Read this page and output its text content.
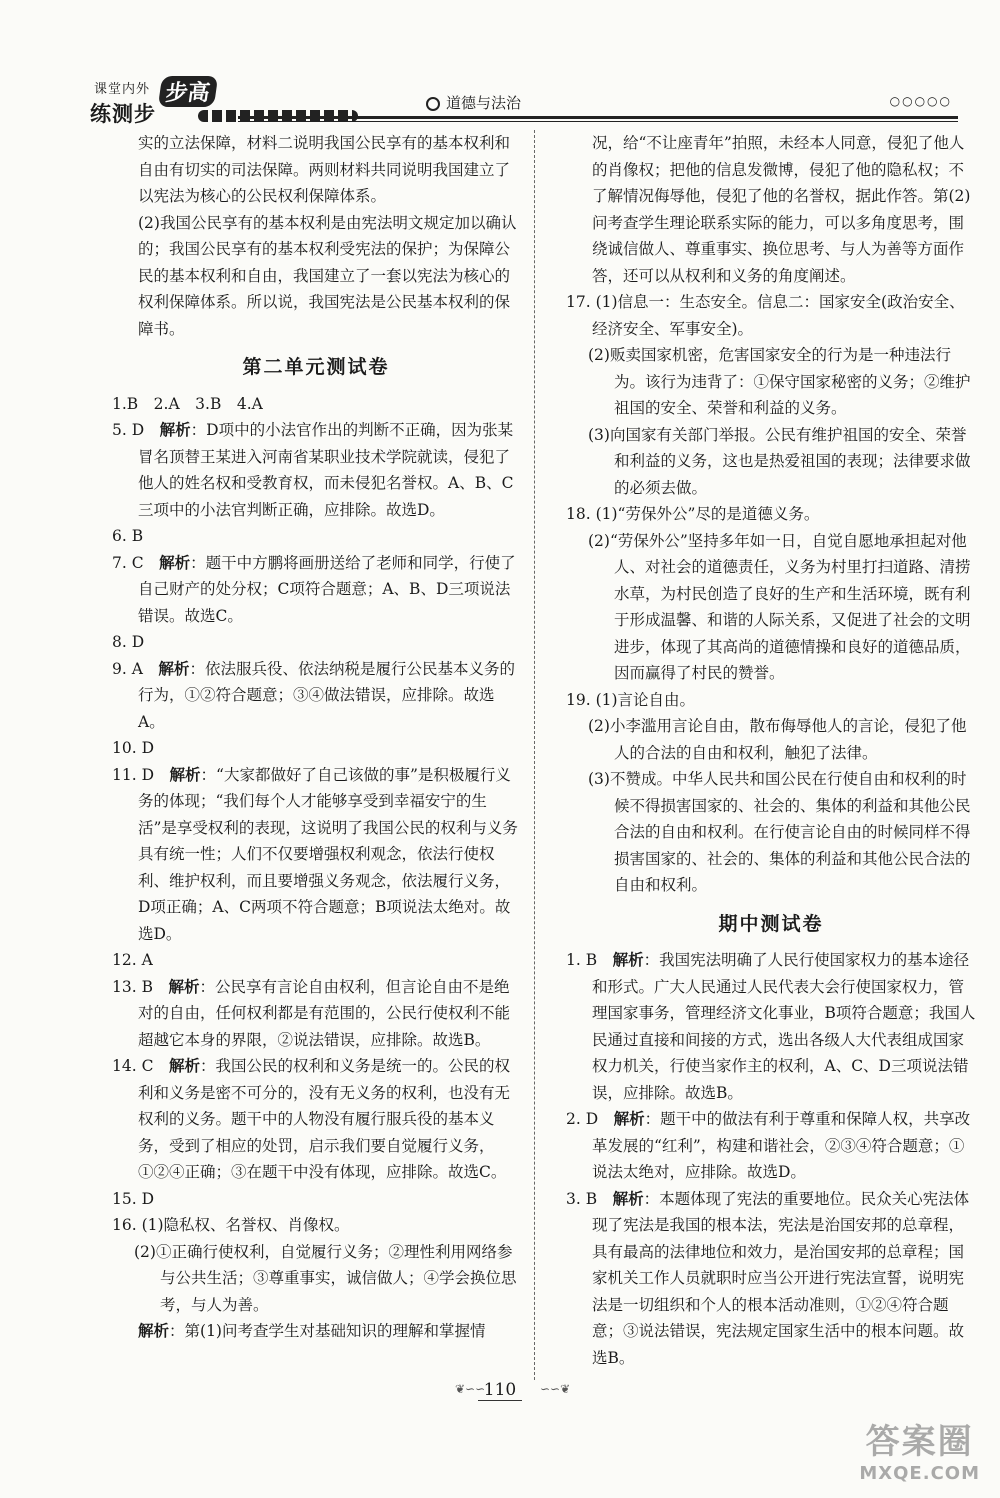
课堂内外
练测步
步高	道德与法治	○○○○○

实的立法保障，材料二说明我国公民享有的基本权利和自由有切实的司法保障。两则材料共同说明我国建立了以宪法为核心的公民权利保障体系。

(2)我国公民享有的基本权利是由宪法明文规定加以确认的；我国公民享有的基本权利受宪法的保护；为保障公民的基本权利和自由，我国建立了一套以宪法为核心的权利保障体系。所以说，我国宪法是公民基本权利的保障书。

第二单元测试卷

1.B　2.A　3.B　4.A

5. D　解析：D项中的小法官作出的判断不正确，因为张某冒名顶替王某进入河南省某职业技术学院就读，侵犯了他人的姓名权和受教育权，而未侵犯名誉权。A、B、C三项中的小法官判断正确，应排除。故选D。

6. B

7. C　解析：题干中方鹏将画册送给了老师和同学，行使了自己财产的处分权；C项符合题意；A、B、D三项说法错误。故选C。

8. D

9. A　解析：依法服兵役、依法纳税是履行公民基本义务的行为，①②符合题意；③④做法错误，应排除。故选A。

10. D

11. D　解析：“大家都做好了自己该做的事”是积极履行义务的体现；“我们每个人才能够享受到幸福安宁的生活”是享受权利的表现，这说明了我国公民的权利与义务具有统一性；人们不仅要增强权利观念，依法行使权利、维护权利，而且要增强义务观念，依法履行义务，D项正确；A、C两项不符合题意；B项说法太绝对。故选D。

12. A

13. B　解析：公民享有言论自由权利，但言论自由不是绝对的自由，任何权利都是有范围的，公民行使权利不能超越它本身的界限，②说法错误，应排除。故选B。

14. C　解析：我国公民的权利和义务是统一的。公民的权利和义务是密不可分的，没有无义务的权利，也没有无权利的义务。题干中的人物没有履行服兵役的基本义务，受到了相应的处罚，启示我们要自觉履行义务，①②④正确；③在题干中没有体现，应排除。故选C。

15. D

16. (1)隐私权、名誉权、肖像权。

(2)①正确行使权利，自觉履行义务；②理性利用网络参与公共生活；③尊重事实，诚信做人；④学会换位思考，与人为善。

解析：第(1)问考查学生对基础知识的理解和掌握情

况，给“不让座青年”拍照，未经本人同意，侵犯了他人的肖像权；把他的信息发微博，侵犯了他的隐私权；不了解情况侮辱他，侵犯了他的名誉权，据此作答。第(2)问考查学生理论联系实际的能力，可以多角度思考，围绕诚信做人、尊重事实、换位思考、与人为善等方面作答，还可以从权利和义务的角度阐述。

17. (1)信息一：生态安全。信息二：国家安全(政治安全、经济安全、军事安全)。

(2)贩卖国家机密，危害国家安全的行为是一种违法行为。该行为违背了：①保守国家秘密的义务；②维护祖国的安全、荣誉和利益的义务。

(3)向国家有关部门举报。公民有维护祖国的安全、荣誉和利益的义务，这也是热爱祖国的表现；法律要求做的必须去做。

18. (1)“劳保外公”尽的是道德义务。

(2)“劳保外公”坚持多年如一日，自觉自愿地承担起对他人、对社会的道德责任，义务为村里打扫道路、清捞水草，为村民创造了良好的生产和生活环境，既有利于形成温馨、和谐的人际关系，又促进了社会的文明进步，体现了其高尚的道德情操和良好的道德品质，因而赢得了村民的赞誉。

19. (1)言论自由。

(2)小李滥用言论自由，散布侮辱他人的言论，侵犯了他人的合法的自由和权利，触犯了法律。

(3)不赞成。中华人民共和国公民在行使自由和权利的时候不得损害国家的、社会的、集体的利益和其他公民合法的自由和权利。在行使言论自由的时候同样不得损害国家的、社会的、集体的利益和其他公民合法的自由和权利。

期中测试卷

1. B　解析：我国宪法明确了人民行使国家权力的基本途径和形式。广大人民通过人民代表大会行使国家权力，管理国家事务，管理经济文化事业，B项符合题意；我国人民通过直接和间接的方式，选出各级人大代表组成国家权力机关，行使当家作主的权利，A、C、D三项说法错误，应排除。故选B。

2. D　解析：题干中的做法有利于尊重和保障人权，共享改革发展的“红利”，构建和谐社会，②③④符合题意；①说法太绝对，应排除。故选D。

3. B　解析：本题体现了宪法的重要地位。民众关心宪法体现了宪法是我国的根本法，宪法是治国安邦的总章程，具有最高的法律地位和效力，是治国安邦的总章程；国家机关工作人员就职时应当公开进行宪法宣誓，说明宪法是一切组织和个人的根本活动准则，①②④符合题意；③说法错误，宪法规定国家生活中的根本问题。故选B。

❦∽∽
110	∽∽❦
答案圈
MXQE.COM
